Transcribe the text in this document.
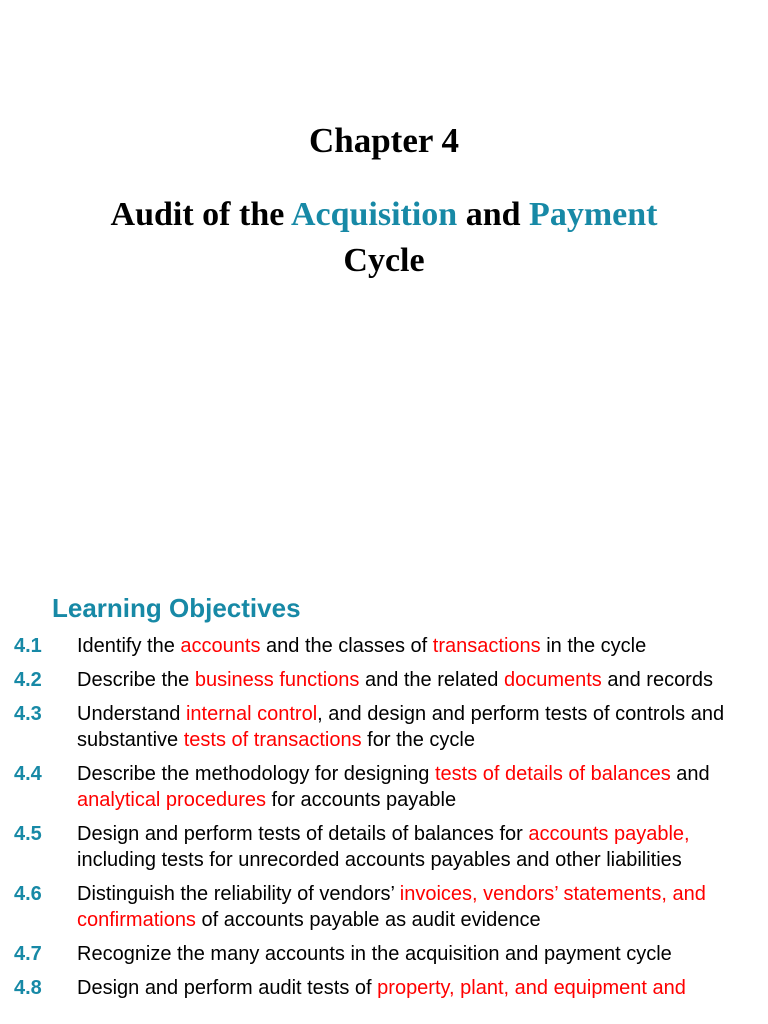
Chapter 4
Audit of the Acquisition and Payment
Cycle
Learning Objectives
4.1 Identify the accounts and the classes of transactions in the cycle
4.2 Describe the business functions and the related documents and records
4.3 Understand internal control, and design and perform tests of controls and substantive tests of transactions for the cycle
4.4 Describe the methodology for designing tests of details of balances and analytical procedures for accounts payable
4.5 Design and perform tests of details of balances for accounts payable, including tests for unrecorded accounts payables and other liabilities
4.6 Distinguish the reliability of vendors’ invoices, vendors’ statements, and confirmations of accounts payable as audit evidence
4.7 Recognize the many accounts in the acquisition and payment cycle
4.8 Design and perform audit tests of property, plant, and equipment and
